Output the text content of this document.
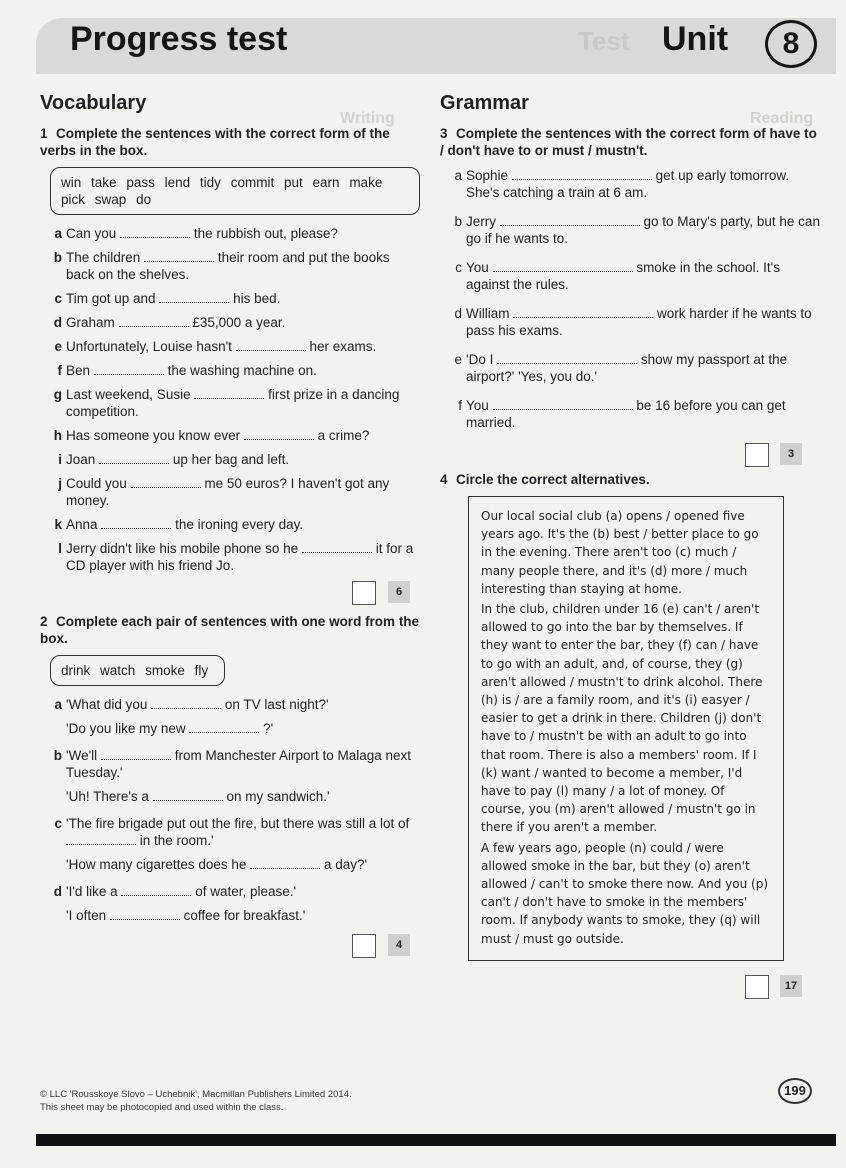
Progress test	Test Unit	8
Vocabulary
Writing
1 Complete the sentences with the correct form of the verbs in the box.
win take pass lend tidy commit put earn make pick swap do
a Can you	the rubbish out, please?
b The children	their room and put the books back on the shelves.
c Tim got up and	his bed.
d Graham	£35,000 a year.
e Unfortunately, Louise hasn't	her exams.
f Ben	the washing machine on.
g Last weekend, Susie	first prize in a dancing competition.
h Has someone you know ever	a crime?
i Joan	up her bag and left.
j Could you	me 50 euros? I haven't got any money.
k Anna	the ironing every day.
l Jerry didn't like his mobile phone so he	it for a CD player with his friend Jo.
6
2 Complete each pair of sentences with one word from the box.
drink watch smoke fly
a 'What did you	on TV last night?'
'Do you like my new	?'
b 'We'll	from Manchester Airport to Malaga next Tuesday.'
'Uh! There's a	on my sandwich.'
c 'The fire brigade put out the fire, but there was still a lot of  in the room.'
'How many cigarettes does he	a day?'
d 'I'd like a	of water, please.'
'I often	coffee for breakfast.'
4
Grammar
Reading
3 Complete the sentences with the correct form of have to / don't have to or must / mustn't.
a Sophie	get up early tomorrow. She's catching a train at 6 am.
b Jerry	go to Mary's party, but he can go if he wants to.
c You	smoke in the school. It's against the rules.
d William	work harder if he wants to pass his exams.
e 'Do I	show my passport at the airport?' 'Yes, you do.'
f You	be 16 before you can get married.
3
4 Circle the correct alternatives.

Our local social club (a) opens / opened five years ago. It's the (b) best / better place to go in the evening. There aren't too (c) much / many people there, and it's (d) more / much interesting than staying at home.

In the club, children under 16 (e) can't / aren't allowed to go into the bar by themselves. If they want to enter the bar, they (f) can / have to go with an adult, and, of course, they (g) aren't allowed / mustn't to drink alcohol. There (h) is / are a family room, and it's (i) easyer / easier to get a drink in there. Children (j) don't have to / mustn't be with an adult to go into that room. There is also a members' room. If I (k) want / wanted to become a member, I'd have to pay (l) many / a lot of money. Of course, you (m) aren't allowed / mustn't go in there if you aren't a member.

A few years ago, people (n) could / were allowed smoke in the bar, but they (o) aren't allowed / can't to smoke there now. And you (p) can't / don't have to smoke in the members' room. If anybody wants to smoke, they (q) will must / must go outside.

17
© LLC 'Rousskoye Slovo – Uchebnik', Macmillan Publishers Limited 2014.
This sheet may be photocopied and used within the class.
199
